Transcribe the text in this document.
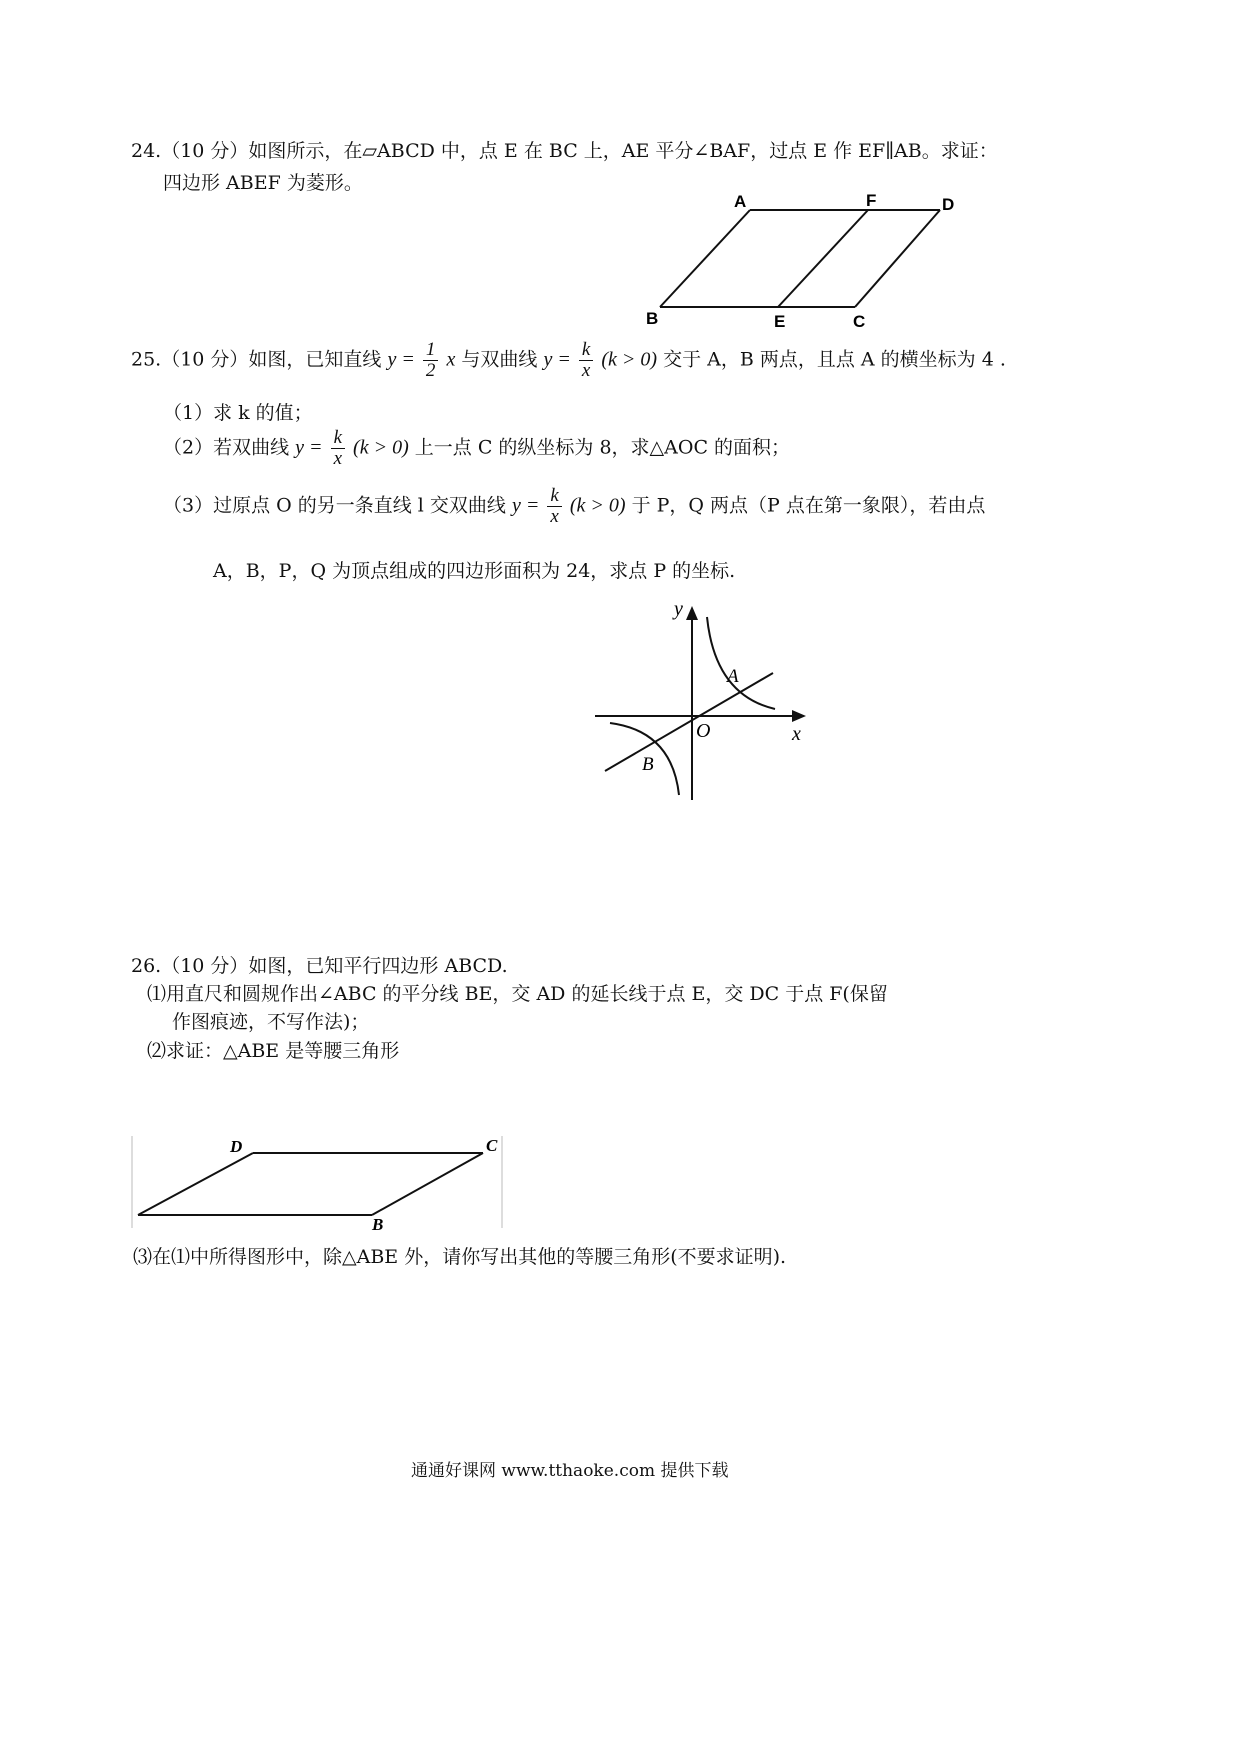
24.（10 分）如图所示，在▱ABCD 中，点 E 在 BC 上，AE 平分∠BAF，过点 E 作 EF∥AB。求证：
四边形 ABEF 为菱形。
A	F	D
B	E	C
25.（10 分）如图，已知直线 $y = \frac{1}{2}$ x 与双曲线 $y = \frac{k}{x} (k > 0)$ 交于 A，B 两点，且点 A 的横坐标为 4 .
（1）求 k 的值；
（2）若双曲线 $y = \frac{k}{x} (k > 0)$ 上一点 C 的纵坐标为 8，求△AOC 的面积；
（3）过原点 O 的另一条直线 l 交双曲线 $y = \frac{k}{x} (k > 0)$ 于 P，Q 两点（P 点在第一象限），若由点
A，B，P，Q 为顶点组成的四边形面积为 24，求点 P 的坐标.
y
x
O
A
B
26.（10 分）如图，已知平行四边形 ABCD.
⑴用直尺和圆规作出∠ABC 的平分线 BE，交 AD 的延长线于点 E，交 DC 于点 F(保留
作图痕迹，不写作法)；
⑵求证：△ABE 是等腰三角形
D	C
B
⑶在⑴中所得图形中，除△ABE 外，请你写出其他的等腰三角形(不要求证明).
通通好课网 www.tthaoke.com 提供下载
